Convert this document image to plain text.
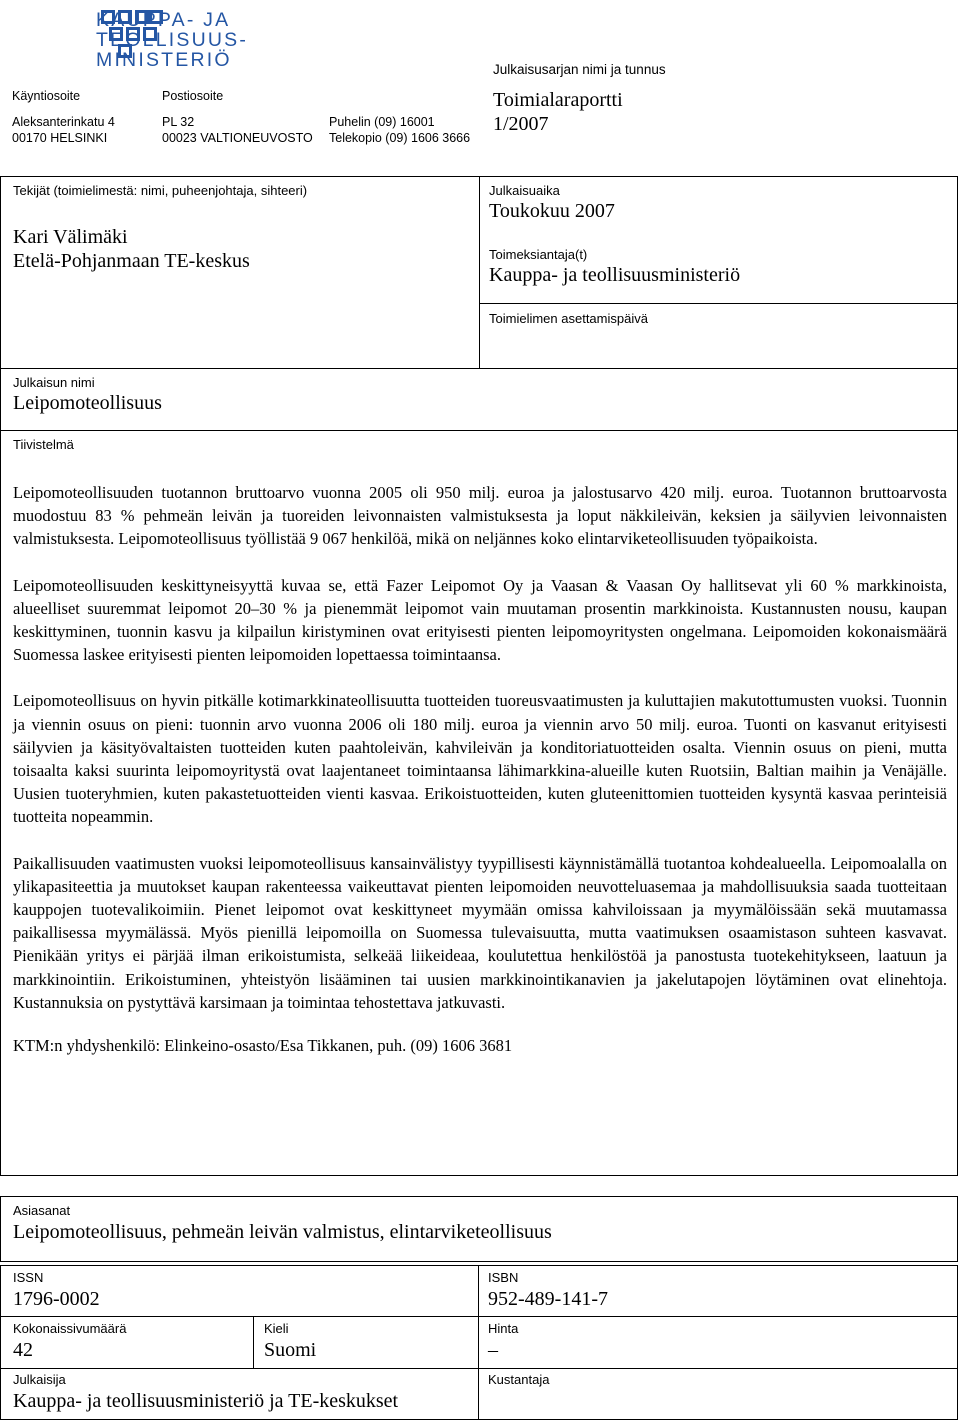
KAUPPA- JA
TEOLLISUUS-
MINISTERIÖ
Käyntiosoite
Aleksanterinkatu 4
00170 HELSINKI
Postiosoite
PL 32
00023 VALTIONEUVOSTO
Puhelin (09) 16001
Telekopio (09) 1606 3666
Julkaisusarjan nimi ja tunnus
Toimialaraportti
1/2007
Tekijät (toimielimestä: nimi, puheenjohtaja, sihteeri)
Kari Välimäki
Etelä-Pohjanmaan TE-keskus
Julkaisuaika
Toukokuu 2007
Toimeksiantaja(t)
Kauppa- ja teollisuusministeriö
Toimielimen asettamispäivä
Julkaisun nimi
Leipomoteollisuus
Tiivistelmä

Leipomoteollisuuden tuotannon bruttoarvo vuonna 2005 oli 950 milj. euroa ja jalostusarvo 420 milj. euroa. Tuotannon bruttoarvosta muodostuu 83 % pehmeän leivän ja tuoreiden leivonnaisten valmistuksesta ja loput näkkileivän, keksien ja säilyvien leivonnaisten valmistuksesta. Leipomoteollisuus työllistää 9 067 henkilöä, mikä on neljännes koko elintarviketeollisuuden työpaikoista.

Leipomoteollisuuden keskittyneisyyttä kuvaa se, että Fazer Leipomot Oy ja Vaasan & Vaasan Oy hallitsevat yli 60 % markkinoista, alueelliset suuremmat leipomot 20–30 % ja pienemmät leipomot vain muutaman prosentin markkinoista. Kustannusten nousu, kaupan keskittyminen, tuonnin kasvu ja kilpailun kiristyminen ovat erityisesti pienten leipomoyritysten ongelmana. Leipomoiden kokonaismäärä Suomessa laskee erityisesti pienten leipomoiden lopettaessa toimintaansa.

Leipomoteollisuus on hyvin pitkälle kotimarkkinateollisuutta tuotteiden tuoreusvaatimusten ja kuluttajien makutottumusten vuoksi. Tuonnin ja viennin osuus on pieni: tuonnin arvo vuonna 2006 oli 180 milj. euroa ja viennin arvo 50 milj. euroa. Tuonti on kasvanut erityisesti säilyvien ja käsityövaltaisten tuotteiden kuten paahtoleivän, kahvileivän ja konditoriatuotteiden osalta. Viennin osuus on pieni, mutta toisaalta kaksi suurinta leipomoyritystä ovat laajentaneet toimintaansa lähimarkkina-alueille kuten Ruotsiin, Baltian maihin ja Venäjälle. Uusien tuoteryhmien, kuten pakastetuotteiden vienti kasvaa. Erikoistuotteiden, kuten gluteenittomien tuotteiden kysyntä kasvaa perinteisiä tuotteita nopeammin.

Paikallisuuden vaatimusten vuoksi leipomoteollisuus kansainvälistyy tyypillisesti käynnistämällä tuotantoa kohdealueella. Leipomoalalla on ylikapasiteettia ja muutokset kaupan rakenteessa vaikeuttavat pienten leipomoiden neuvotteluasemaa ja mahdollisuuksia saada tuotteitaan kauppojen tuotevalikoimiin. Pienet leipomot ovat keskittyneet myymään omissa kahviloissaan ja myymälöissään sekä muutamassa paikallisessa myymälässä. Myös pienillä leipomoilla on Suomessa tulevaisuutta, mutta vaatimuksen osaamistason suhteen kasvavat. Pienikään yritys ei pärjää ilman erikoistumista, selkeää liikeideaa, koulutettua henkilöstöä ja panostusta tuotekehitykseen, laatuun ja markkinointiin. Erikoistuminen, yhteistyön lisääminen tai uusien markkinointikanavien ja jakelutapojen löytäminen ovat elinehtoja. Kustannuksia on pystyttävä karsimaan ja toimintaa tehostettava jatkuvasti.

KTM:n yhdyshenkilö: Elinkeino-osasto/Esa Tikkanen, puh. (09) 1606 3681

Asiasanat
Leipomoteollisuus, pehmeän leivän valmistus, elintarviketeollisuus
ISSN
1796-0002
ISBN
952-489-141-7
Kokonaissivumäärä
42
Kieli
Suomi
Hinta
–
Julkaisija
Kauppa- ja teollisuusministeriö ja TE-keskukset
Kustantaja
